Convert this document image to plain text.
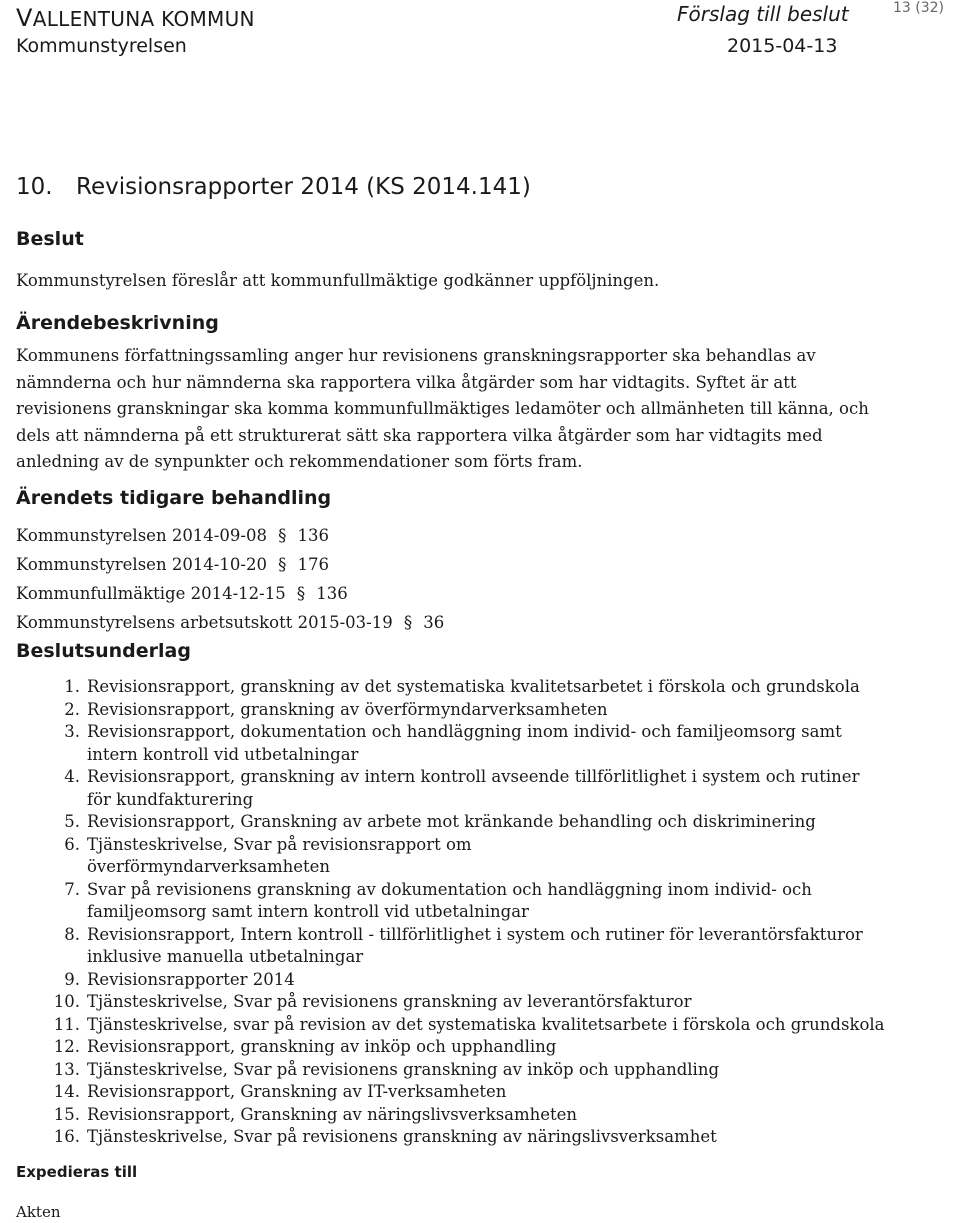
VALLENTUNA KOMMUN
Kommunstyrelsen
Förslag till beslut
2015-04-13
13 (32)
10. Revisionsrapporter 2014 (KS 2014.141)
Beslut
Kommunstyrelsen föreslår att kommunfullmäktige godkänner uppföljningen.
Ärendebeskrivning
Kommunens författningssamling anger hur revisionens granskningsrapporter ska behandlas av
nämnderna och hur nämnderna ska rapportera vilka åtgärder som har vidtagits. Syftet är att
revisionens granskningar ska komma kommunfullmäktiges ledamöter och allmänheten till känna, och
dels att nämnderna på ett strukturerat sätt ska rapportera vilka åtgärder som har vidtagits med
anledning av de synpunkter och rekommendationer som förts fram.
Ärendets tidigare behandling
Kommunstyrelsen 2014-09-08 § 136
Kommunstyrelsen 2014-10-20 § 176
Kommunfullmäktige 2014-12-15 § 136
Kommunstyrelsens arbetsutskott 2015-03-19 § 36
Beslutsunderlag
1. Revisionsrapport, granskning av det systematiska kvalitetsarbetet i förskola och grundskola
2. Revisionsrapport, granskning av överförmyndarverksamheten
3. Revisionsrapport, dokumentation och handläggning inom individ- och familjeomsorg samt
intern kontroll vid utbetalningar
4. Revisionsrapport, granskning av intern kontroll avseende tillförlitlighet i system och rutiner
för kundfakturering
5. Revisionsrapport, Granskning av arbete mot kränkande behandling och diskriminering
6. Tjänsteskrivelse, Svar på revisionsrapport om
överförmyndarverksamheten
7. Svar på revisionens granskning av dokumentation och handläggning inom individ- och
familjeomsorg samt intern kontroll vid utbetalningar
8. Revisionsrapport, Intern kontroll - tillförlitlighet i system och rutiner för leverantörsfakturor
inklusive manuella utbetalningar
9. Revisionsrapporter 2014
10. Tjänsteskrivelse, Svar på revisionens granskning av leverantörsfakturor
11. Tjänsteskrivelse, svar på revision av det systematiska kvalitetsarbete i förskola och grundskola
12. Revisionsrapport, granskning av inköp och upphandling
13. Tjänsteskrivelse, Svar på revisionens granskning av inköp och upphandling
14. Revisionsrapport, Granskning av IT-verksamheten
15. Revisionsrapport, Granskning av näringslivsverksamheten
16. Tjänsteskrivelse, Svar på revisionens granskning av näringslivsverksamhet
Expedieras till
Akten
